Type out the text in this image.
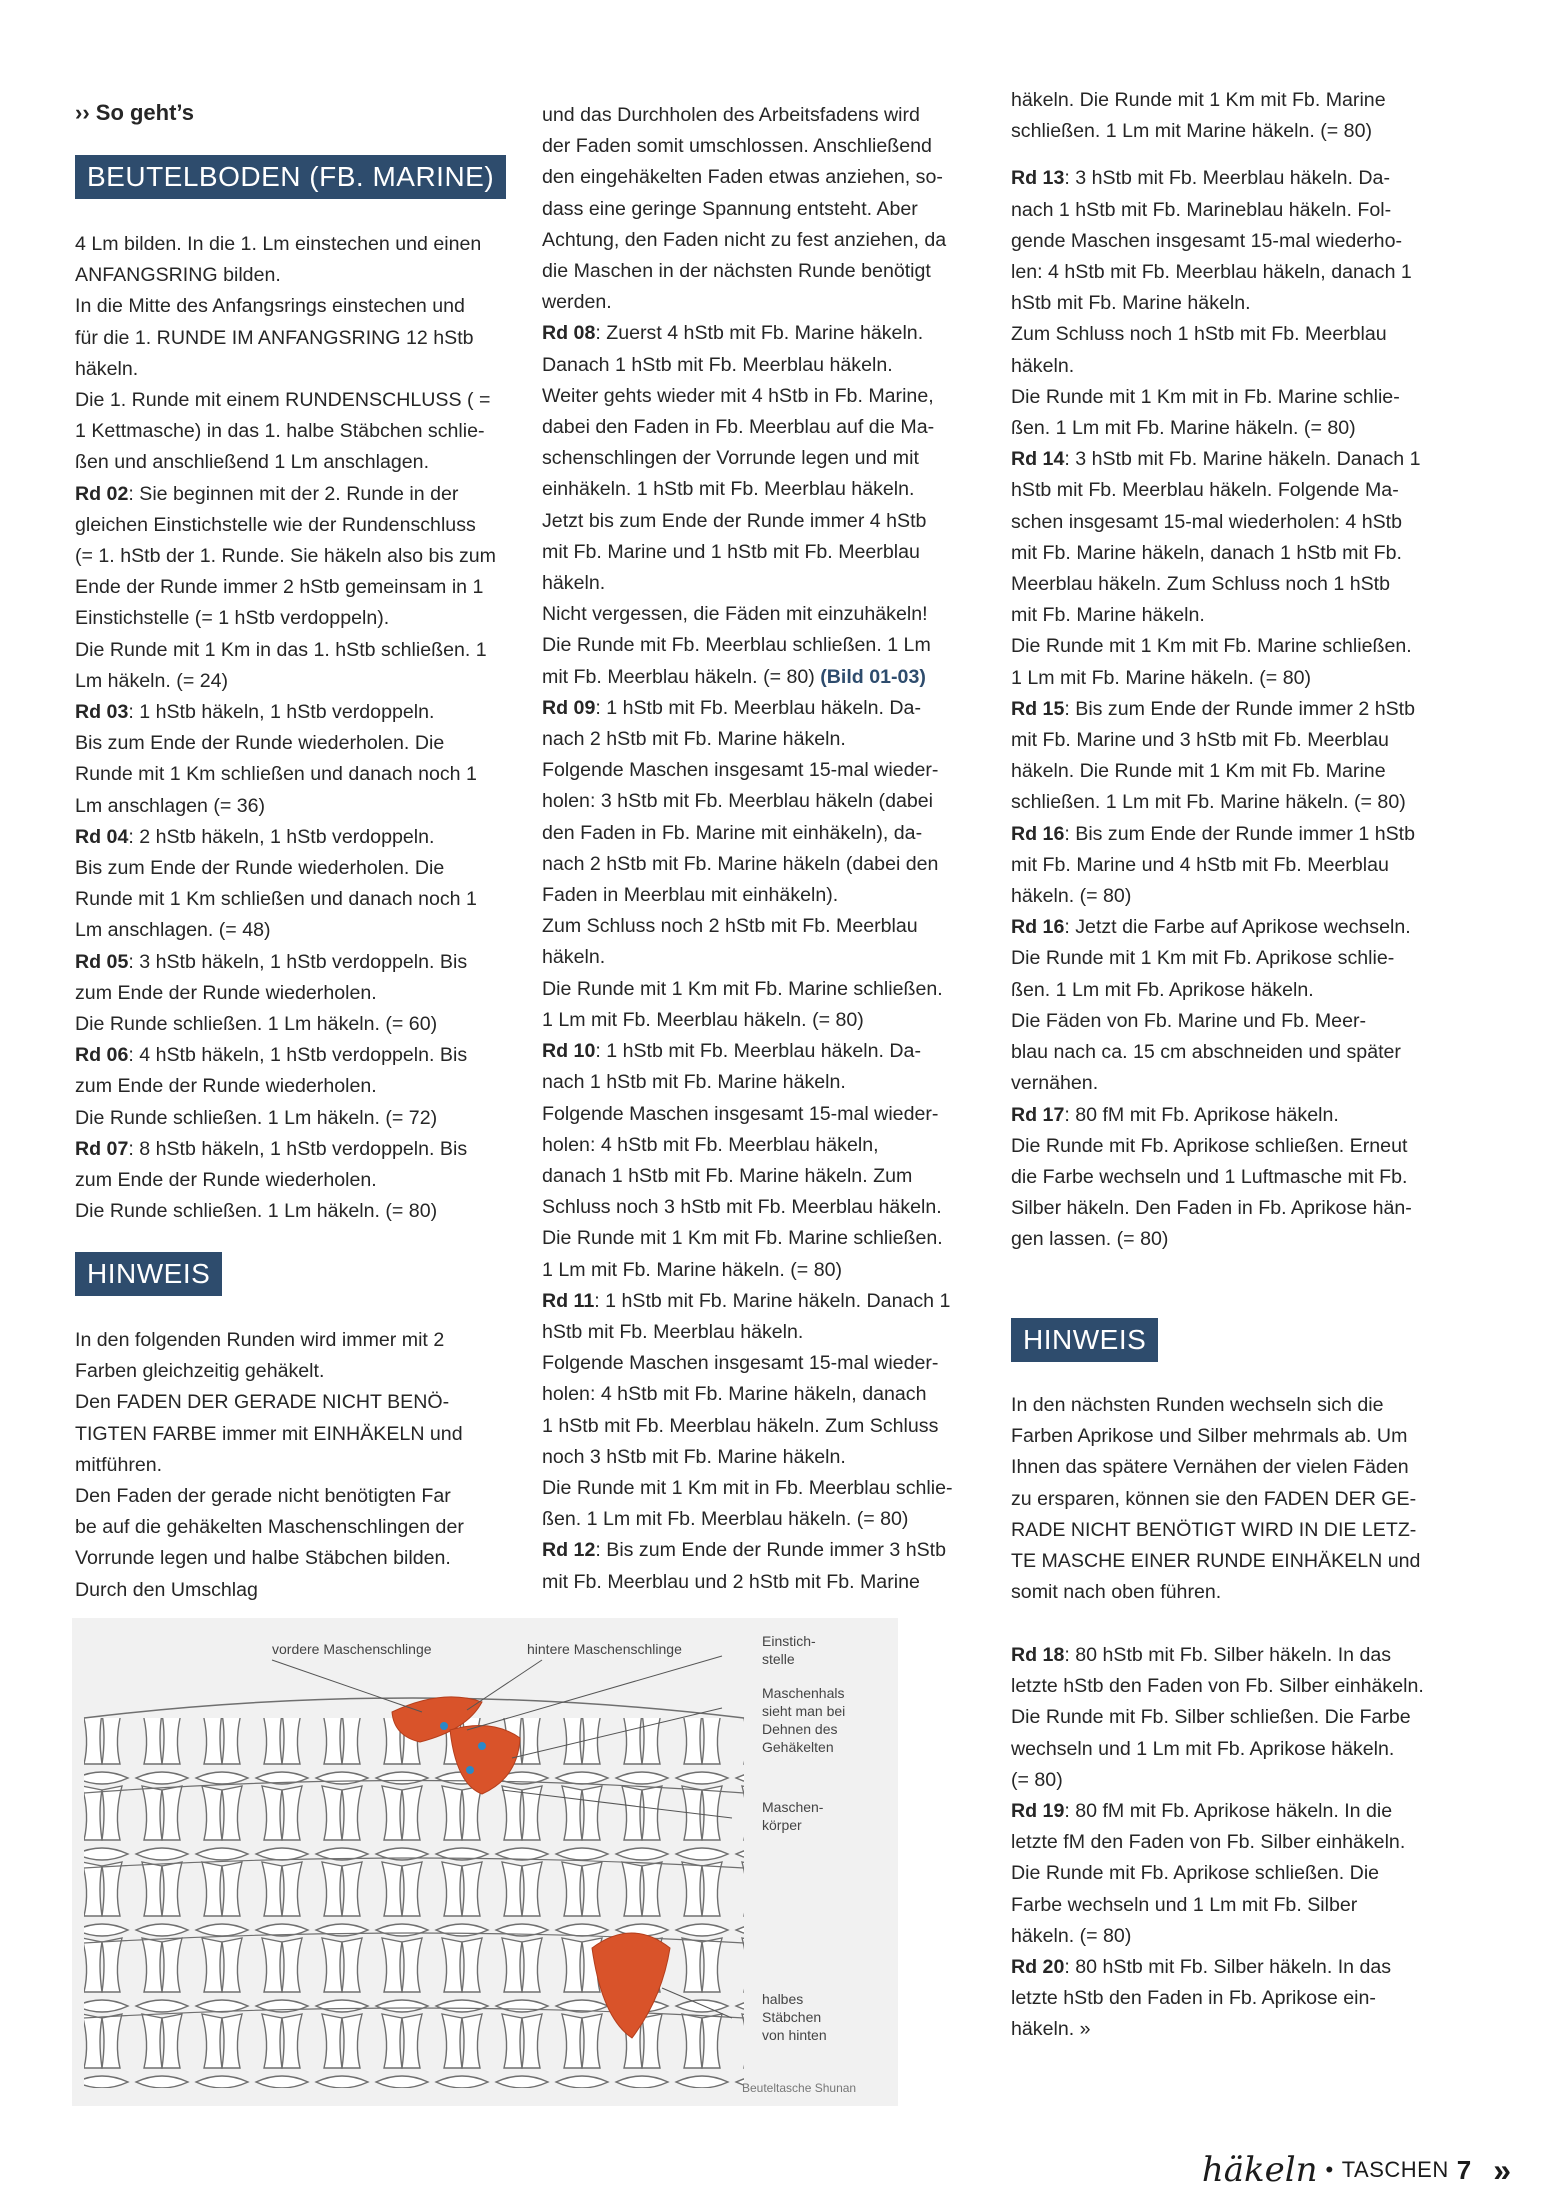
›› So geht’s
BEUTELBODEN (FB. MARINE)

4 Lm bilden. In die 1. Lm einstechen und einen

ANFANGSRING bilden.

In die Mitte des Anfangsrings einstechen und

für die 1. RUNDE IM ANFANGSRING 12 hStb

häkeln.

Die 1. Runde mit einem RUNDENSCHLUSS ( =

1 Kettmasche) in das 1. halbe Stäbchen schlie-

ßen und anschließend 1 Lm anschlagen.

Rd 02: Sie beginnen mit der 2. Runde in der

gleichen Einstichstelle wie der Rundenschluss

(= 1. hStb der 1. Runde. Sie häkeln also bis zum

Ende der Runde immer 2 hStb gemeinsam in 1

Einstichstelle (= 1 hStb verdoppeln).

Die Runde mit 1 Km in das 1. hStb schließen. 1

Lm häkeln. (= 24)

Rd 03: 1 hStb häkeln, 1 hStb verdoppeln.

Bis zum Ende der Runde wiederholen. Die

Runde mit 1 Km schließen und danach noch 1

Lm anschlagen (= 36)

Rd 04: 2 hStb häkeln, 1 hStb verdoppeln.

Bis zum Ende der Runde wiederholen. Die

Runde mit 1 Km schließen und danach noch 1

Lm anschlagen. (= 48)

Rd 05: 3 hStb häkeln, 1 hStb verdoppeln. Bis

zum Ende der Runde wiederholen.

Die Runde schließen. 1 Lm häkeln. (= 60)

Rd 06: 4 hStb häkeln, 1 hStb verdoppeln. Bis

zum Ende der Runde wiederholen.

Die Runde schließen. 1 Lm häkeln. (= 72)

Rd 07: 8 hStb häkeln, 1 hStb verdoppeln. Bis

zum Ende der Runde wiederholen.

Die Runde schließen. 1 Lm häkeln. (= 80)

HINWEIS

In den folgenden Runden wird immer mit 2

Farben gleichzeitig gehäkelt.

Den FADEN DER GERADE NICHT BENÖ-

TIGTEN FARBE immer mit EINHÄKELN und

mitführen.

Den Faden der gerade nicht benötigten Far

be auf die gehäkelten Maschenschlingen der

Vorrunde legen und halbe Stäbchen bilden.

Durch den Umschlag

und das Durchholen des Arbeitsfadens wird

der Faden somit umschlossen. Anschließend

den eingehäkelten Faden etwas anziehen, so-

dass eine geringe Spannung entsteht. Aber

Achtung, den Faden nicht zu fest anziehen, da

die Maschen in der nächsten Runde benötigt

werden.

Rd 08: Zuerst 4 hStb mit Fb. Marine häkeln.

Danach 1 hStb mit Fb. Meerblau häkeln.

Weiter gehts wieder mit 4 hStb in Fb. Marine,

dabei den Faden in Fb. Meerblau auf die Ma-

schenschlingen der Vorrunde legen und mit

einhäkeln. 1 hStb mit Fb. Meerblau häkeln.

Jetzt bis zum Ende der Runde immer 4 hStb

mit Fb. Marine und 1 hStb mit Fb. Meerblau

häkeln.

Nicht vergessen, die Fäden mit einzuhäkeln!

Die Runde mit Fb. Meerblau schließen. 1 Lm

mit Fb. Meerblau häkeln. (= 80) (Bild 01-03)

Rd 09: 1 hStb mit Fb. Meerblau häkeln. Da-

nach 2 hStb mit Fb. Marine häkeln.

Folgende Maschen insgesamt 15-mal wieder-

holen: 3 hStb mit Fb. Meerblau häkeln (dabei

den Faden in Fb. Marine mit einhäkeln), da-

nach 2 hStb mit Fb. Marine häkeln (dabei den

Faden in Meerblau mit einhäkeln).

Zum Schluss noch 2 hStb mit Fb. Meerblau

häkeln.

Die Runde mit 1 Km mit Fb. Marine schließen.

1 Lm mit Fb. Meerblau häkeln. (= 80)

Rd 10: 1 hStb mit Fb. Meerblau häkeln. Da-

nach 1 hStb mit Fb. Marine häkeln.

Folgende Maschen insgesamt 15-mal wieder-

holen: 4 hStb mit Fb. Meerblau häkeln,

danach 1 hStb mit Fb. Marine häkeln. Zum

Schluss noch 3 hStb mit Fb. Meerblau häkeln.

Die Runde mit 1 Km mit Fb. Marine schließen.

1 Lm mit Fb. Marine häkeln. (= 80)

Rd 11: 1 hStb mit Fb. Marine häkeln. Danach 1

hStb mit Fb. Meerblau häkeln.

Folgende Maschen insgesamt 15-mal wieder-

holen: 4 hStb mit Fb. Marine häkeln, danach

1 hStb mit Fb. Meerblau häkeln. Zum Schluss

noch 3 hStb mit Fb. Marine häkeln.

Die Runde mit 1 Km mit in Fb. Meerblau schlie-

ßen. 1 Lm mit Fb. Meerblau häkeln. (= 80)

Rd 12: Bis zum Ende der Runde immer 3 hStb

mit Fb. Meerblau und 2 hStb mit Fb. Marine

häkeln. Die Runde mit 1 Km mit Fb. Marine

schließen. 1 Lm mit Marine häkeln. (= 80)

Rd 13: 3 hStb mit Fb. Meerblau häkeln. Da-

nach 1 hStb mit Fb. Marineblau häkeln. Fol-

gende Maschen insgesamt 15-mal wiederho-

len: 4 hStb mit Fb. Meerblau häkeln, danach 1

hStb mit Fb. Marine häkeln.

Zum Schluss noch 1 hStb mit Fb. Meerblau

häkeln.

Die Runde mit 1 Km mit in Fb. Marine schlie-

ßen. 1 Lm mit Fb. Marine häkeln. (= 80)

Rd 14: 3 hStb mit Fb. Marine häkeln. Danach 1

hStb mit Fb. Meerblau häkeln. Folgende Ma-

schen insgesamt 15-mal wiederholen: 4 hStb

mit Fb. Marine häkeln, danach 1 hStb mit Fb.

Meerblau häkeln. Zum Schluss noch 1 hStb

mit Fb. Marine häkeln.

Die Runde mit 1 Km mit Fb. Marine schließen.

1 Lm mit Fb. Marine häkeln. (= 80)

Rd 15: Bis zum Ende der Runde immer 2 hStb

mit Fb. Marine und 3 hStb mit Fb. Meerblau

häkeln. Die Runde mit 1 Km mit Fb. Marine

schließen. 1 Lm mit Fb. Marine häkeln. (= 80)

Rd 16: Bis zum Ende der Runde immer 1 hStb

mit Fb. Marine und 4 hStb mit Fb. Meerblau

häkeln. (= 80)

Rd 16: Jetzt die Farbe auf Aprikose wechseln.

Die Runde mit 1 Km mit Fb. Aprikose schlie-

ßen. 1 Lm mit Fb. Aprikose häkeln.

Die Fäden von Fb. Marine und Fb. Meer-

blau nach ca. 15 cm abschneiden und später

vernähen.

Rd 17: 80 fM mit Fb. Aprikose häkeln.

Die Runde mit Fb. Aprikose schließen. Erneut

die Farbe wechseln und 1 Luftmasche mit Fb.

Silber häkeln. Den Faden in Fb. Aprikose hän-

gen lassen. (= 80)

HINWEIS

In den nächsten Runden wechseln sich die

Farben Aprikose und Silber mehrmals ab. Um

Ihnen das spätere Vernähen der vielen Fäden

zu ersparen, können sie den FADEN DER GE-

RADE NICHT BENÖTIGT WIRD IN DIE LETZ-

TE MASCHE EINER RUNDE EINHÄKELN und

somit nach oben führen.

Rd 18: 80 hStb mit Fb. Silber häkeln. In das

letzte hStb den Faden von Fb. Silber einhäkeln.

Die Runde mit Fb. Silber schließen. Die Farbe

wechseln und 1 Lm mit Fb. Aprikose häkeln.

(= 80)

Rd 19: 80 fM mit Fb. Aprikose häkeln. In die

letzte fM den Faden von Fb. Silber einhäkeln.

Die Runde mit Fb. Aprikose schließen. Die

Farbe wechseln und 1 Lm mit Fb. Silber

häkeln. (= 80)

Rd 20: 80 hStb mit Fb. Silber häkeln. In das

letzte hStb den Faden in Fb. Aprikose ein-

häkeln. »

vordere Maschenschlinge	hintere Maschenschlinge	Einstich-
stelle
Maschenhals
sieht man bei
Dehnen des
Gehäkelten
Maschen-
körper
halbes
Stäbchen
von hinten
Beuteltasche Shunan
häkeln • TASCHEN 7 »
